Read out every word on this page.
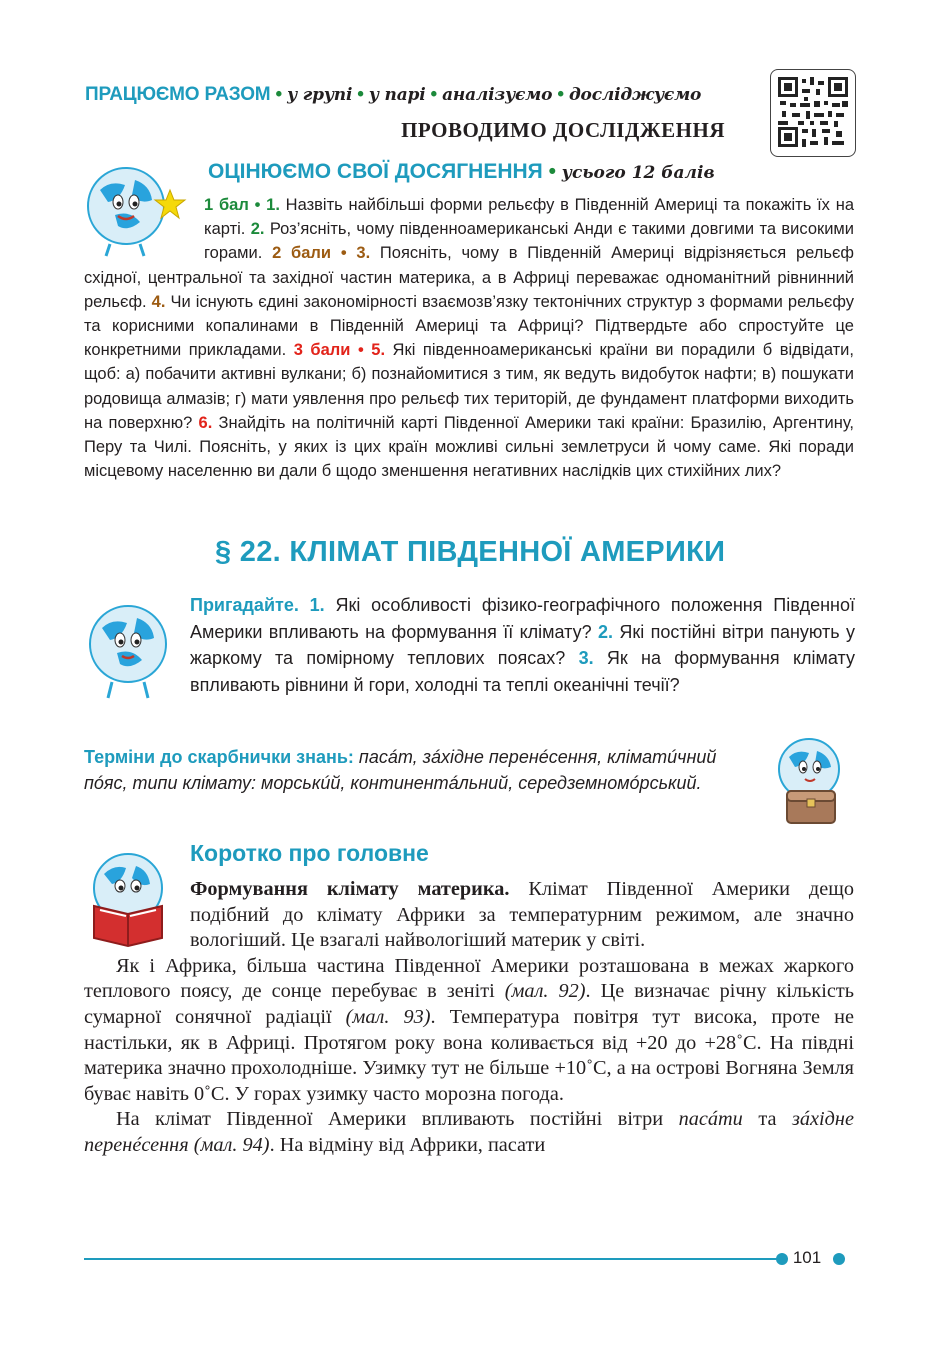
ПРАЦЮЄМО РАЗОМ • у групі • у парі • аналізуємо • досліджуємо
ПРОВОДИМО ДОСЛІДЖЕННЯ
ОЦІНЮЄМО СВОЇ ДОСЯГНЕННЯ • усього 12 балів
1 бал • 1. Назвіть найбільші форми рельєфу в Південній Америці та покажіть їх на карті. 2. Роз’ясніть, чому південноамериканські Анди є такими довгими та високими горами. 2 бали • 3. Поясніть, чому в Південній Америці відрізняється рельєф східної, центральної та західної частин материка, а в Африці переважає одноманітний рівнинний рельєф. 4. Чи існують єдині закономірності взаємозв’язку тектонічних структур з формами рельєфу та корисними копалинами в Південній Америці та Африці? Підтвердьте або спростуйте це конкретними прикладами. 3 бали • 5. Які південноамериканські країни ви порадили б відвідати, щоб: а) побачити активні вулкани; б) познайомитися з тим, як ведуть видобуток нафти; в) пошукати родовища алмазів; г) мати уявлення про рельєф тих територій, де фундамент платформи виходить на поверхню? 6. Знайдіть на політичній карті Південної Америки такі країни: Бразилію, Аргентину, Перу та Чилі. Поясніть, у яких із цих країн можливі сильні землетруси й чому саме. Які поради місцевому населенню ви дали б щодо зменшення негативних наслідків цих стихійних лих?
§ 22. КЛІМАТ ПІВДЕННОЇ АМЕРИКИ
Пригадайте. 1. Які особливості фізико-географічного положення Південної Америки впливають на формування її клімату? 2. Які постійні вітри панують у жаркому та помірному теплових поясах? 3. Як на формування клімату впливають рівнини й гори, холодні та теплі океанічні течії?
Терміни до скарбнички знань: пасáт, зáхідне перенéсення, кліматúчний пóяс, типи клімату: морськúй, континентáльний, середземномóрський.
Коротко про головне

Формування клімату материка. Клімат Південної Америки дещо подібний до клімату Африки за температурним режимом, але значно вологіший. Це взагалі найвологіший материк у світі.

Як і Африка, більша частина Південної Америки розташована в межах жаркого теплового поясу, де сонце перебуває в зеніті (мал. 92). Це визначає річну кількість сумарної сонячної радіації (мал. 93). Температура повітря тут висока, проте не настільки, як в Африці. Протягом року вона коливається від +20 до +28˚С. На півдні материка значно прохолодніше. Узимку тут не більше +10˚С, а на острові Вогняна Земля буває навіть 0˚С. У горах узимку часто морозна погода.

На клімат Південної Америки впливають постійні вітри пасáти та зáхідне перенéсення (мал. 94). На відміну від Африки, пасати

101
